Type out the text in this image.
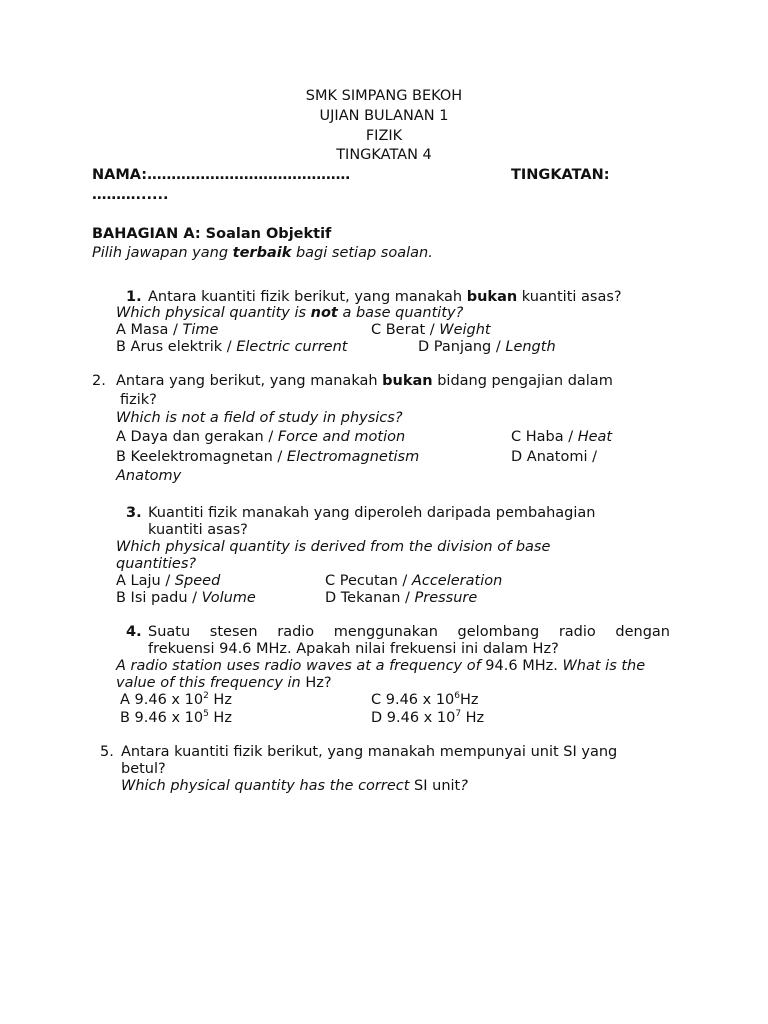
SMK SIMPANG BEKOH
UJIAN BULANAN 1
FIZIK
TINGKATAN 4
NAMA:……………………………………	TINGKATAN:
………......
BAHAGIAN A: Soalan Objektif
Pilih jawapan yang terbaik bagi setiap soalan.
1. Antara kuantiti fizik berikut, yang manakah bukan kuantiti asas?
Which physical quantity is not a base quantity?
A Masa / Time	C Berat / Weight
B Arus elektrik / Electric current	D Panjang / Length
2. Antara yang berikut, yang manakah bukan bidang pengajian dalam
fizik?
Which is not a field of study in physics?
A Daya dan gerakan / Force and motion	C Haba / Heat
B Keelektromagnetan / Electromagnetism	D Anatomi /
Anatomy
3. Kuantiti fizik manakah yang diperoleh daripada pembahagian
kuantiti asas?
Which physical quantity is derived from the division of base
quantities?
A Laju / Speed	C Pecutan / Acceleration
B Isi padu / Volume	D Tekanan / Pressure
4. Suatu stesen radio menggunakan gelombang radio dengan
frekuensi 94.6 MHz. Apakah nilai frekuensi ini dalam Hz?
A radio station uses radio waves at a frequency of 94.6 MHz. What is the
value of this frequency in Hz?
A 9.46 x $10^2$ Hz	C 9.46 x $10^6Hz$
B 9.46 x $10^5$ Hz	D 9.46 x $10^7$ Hz
5. Antara kuantiti fizik berikut, yang manakah mempunyai unit SI yang
betul?
Which physical quantity has the correct SI unit?
